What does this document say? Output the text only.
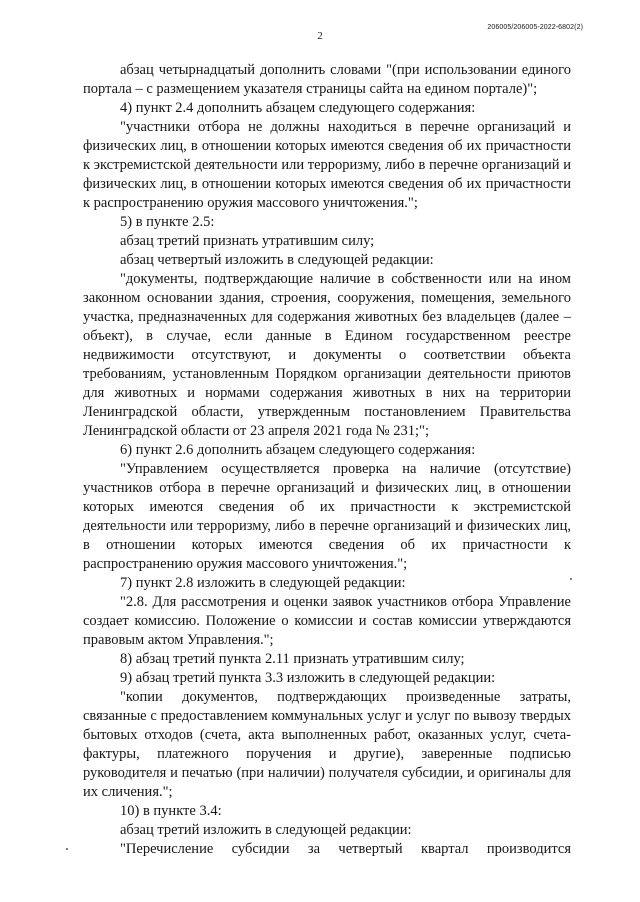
2
206005/206005-2022-6802(2)

абзац четырнадцатый дополнить словами "(при использовании единого портала – с размещением указателя страницы сайта на едином портале)";

4) пункт 2.4 дополнить абзацем следующего содержания:

"участники отбора не должны находиться в перечне организаций и физических лиц, в отношении которых имеются сведения об их причастности к экстремистской деятельности или терроризму, либо в перечне организаций и физических лиц, в отношении которых имеются сведения об их причастности к распространению оружия массового уничтожения.";

5) в пункте 2.5:

абзац третий признать утратившим силу;

абзац четвертый изложить в следующей редакции:

"документы, подтверждающие наличие в собственности или на ином законном основании здания, строения, сооружения, помещения, земельного участка, предназначенных для содержания животных без владельцев (далее – объект), в случае, если данные в Едином государственном реестре недвижимости отсутствуют, и документы о соответствии объекта требованиям, установленным Порядком организации деятельности приютов для животных и нормами содержания животных в них на территории Ленинградской области, утвержденным постановлением Правительства Ленинградской области от 23 апреля 2021 года № 231;";

6) пункт 2.6 дополнить абзацем следующего содержания:

"Управлением осуществляется проверка на наличие (отсутствие) участников отбора в перечне организаций и физических лиц, в отношении которых имеются сведения об их причастности к экстремистской деятельности или терроризму, либо в перечне организаций и физических лиц, в отношении которых имеются сведения об их причастности к распространению оружия массового уничтожения.";

7) пункт 2.8 изложить в следующей редакции:

"2.8. Для рассмотрения и оценки заявок участников отбора Управление создает комиссию. Положение о комиссии и состав комиссии утверждаются правовым актом Управления.";

8) абзац третий пункта 2.11 признать утратившим силу;

9) абзац третий пункта 3.3 изложить в следующей редакции:

"копии документов, подтверждающих произведенные затраты, связанные с предоставлением коммунальных услуг и услуг по вывозу твердых бытовых отходов (счета, акта выполненных работ, оказанных услуг, счета-фактуры, платежного поручения и другие), заверенные подписью руководителя и печатью (при наличии) получателя субсидии, и оригиналы для их сличения.";

10) в пункте 3.4:

абзац третий изложить в следующей редакции:

"Перечисление субсидии за четвертый квартал производится
